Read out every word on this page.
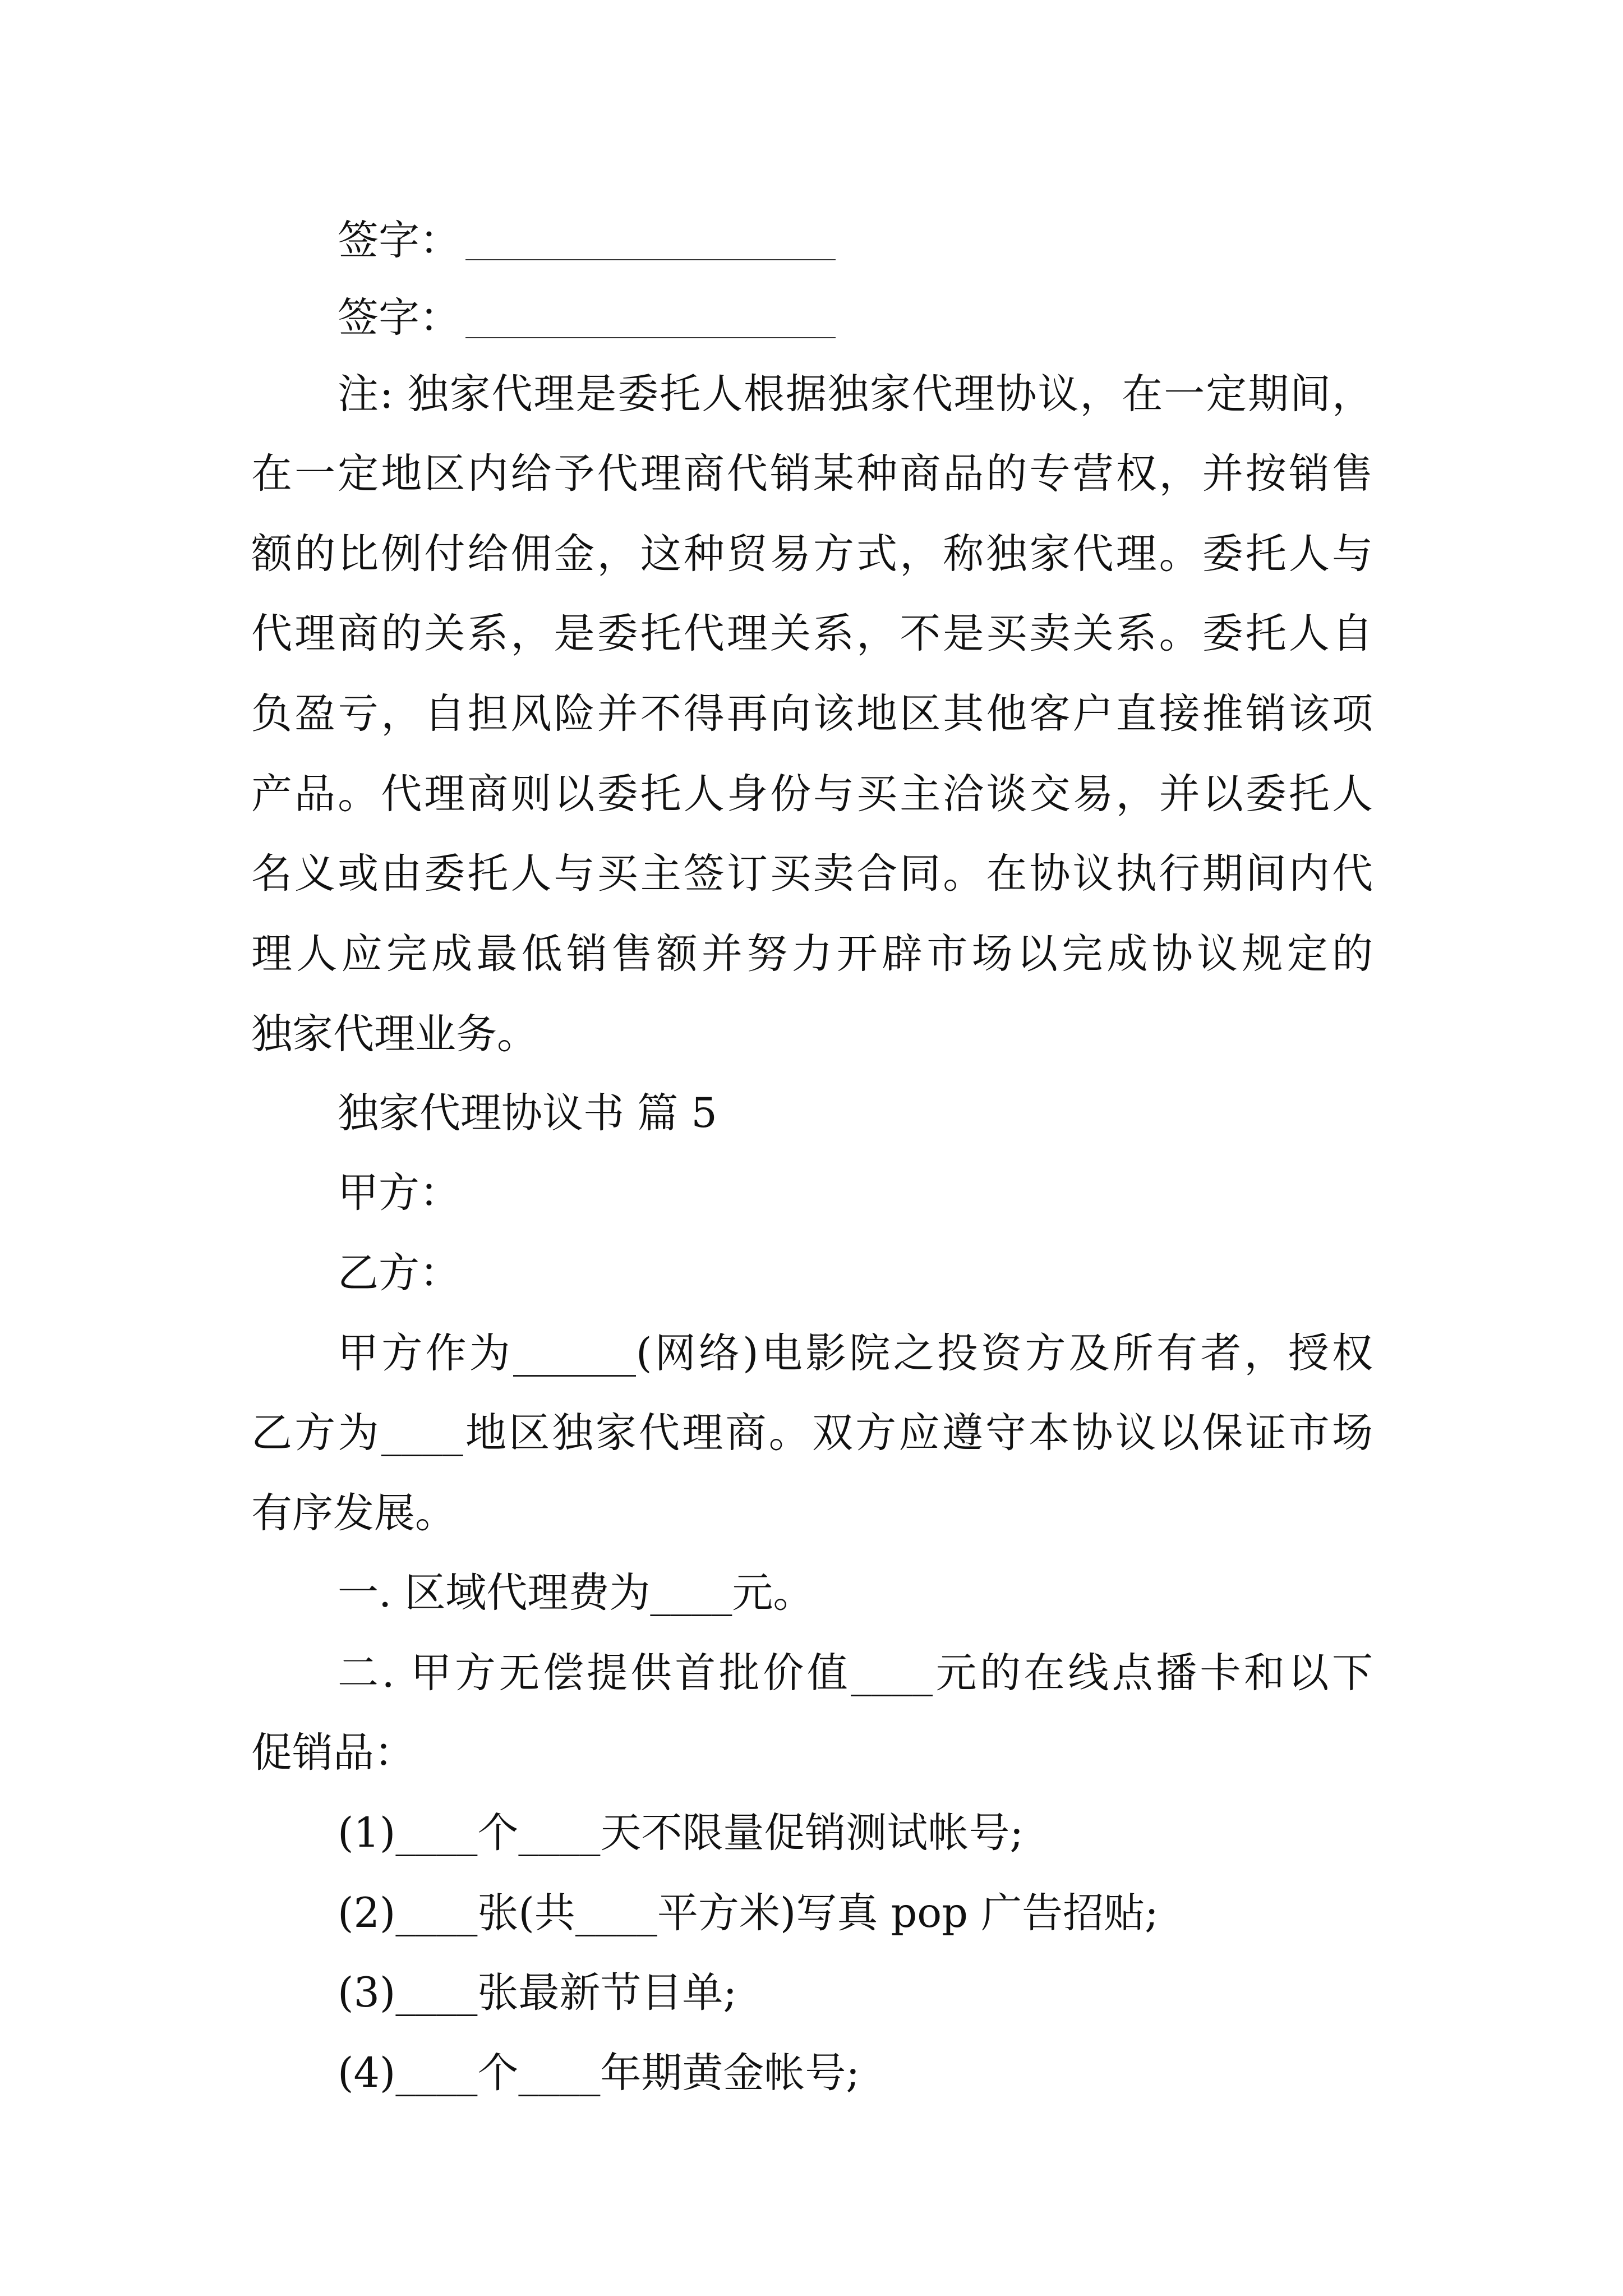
签字：
签字：
注: 独家代理是委托人根据独家代理协议，在一定期间，
在一定地区内给予代理商代销某种商品的专营权，并按销售
额的比例付给佣金，这种贸易方式，称独家代理。委托人与
代理商的关系，是委托代理关系，不是买卖关系。委托人自
负盈亏，自担风险并不得再向该地区其他客户直接推销该项
产品。代理商则以委托人身份与买主洽谈交易，并以委托人
名义或由委托人与买主签订买卖合同。在协议执行期间内代
理人应完成最低销售额并努力开辟市场以完成协议规定的
独家代理业务。
独家代理协议书 篇 5
甲方：
乙方：
甲方作为______(网络)电影院之投资方及所有者，授权
乙方为____地区独家代理商。双方应遵守本协议以保证市场
有序发展。
一. 区域代理费为____元。
二. 甲方无偿提供首批价值____元的在线点播卡和以下
促销品：
(1)____个____天不限量促销测试帐号;
(2)____张(共____平方米)写真 pop 广告招贴;
(3)____张最新节目单;
(4)____个____年期黄金帐号;
